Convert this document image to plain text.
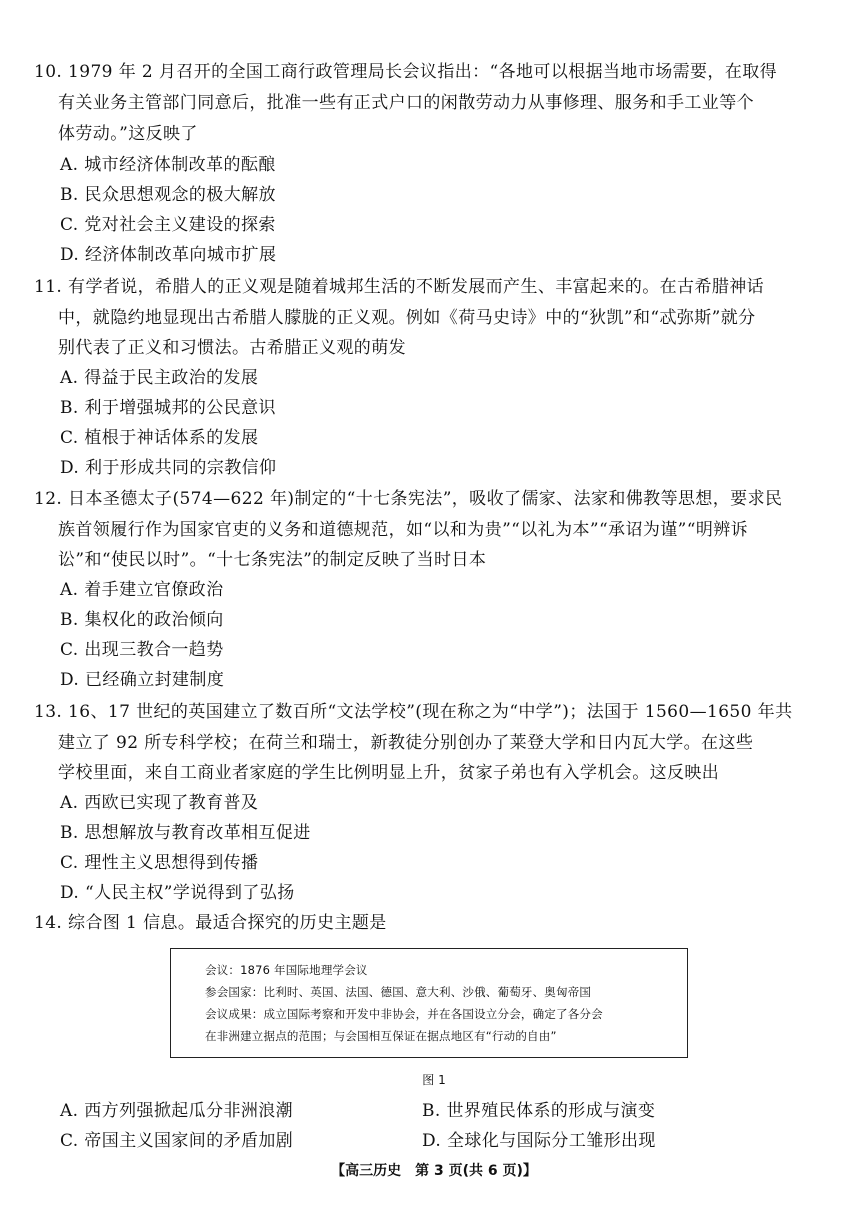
10. 1979 年 2 月召开的全国工商行政管理局长会议指出：“各地可以根据当地市场需要，在取得
有关业务主管部门同意后，批准一些有正式户口的闲散劳动力从事修理、服务和手工业等个
体劳动。”这反映了
A. 城市经济体制改革的酝酿
B. 民众思想观念的极大解放
C. 党对社会主义建设的探索
D. 经济体制改革向城市扩展
11. 有学者说，希腊人的正义观是随着城邦生活的不断发展而产生、丰富起来的。在古希腊神话
中，就隐约地显现出古希腊人朦胧的正义观。例如《荷马史诗》中的“狄凯”和“忒弥斯”就分
别代表了正义和习惯法。古希腊正义观的萌发
A. 得益于民主政治的发展
B. 利于增强城邦的公民意识
C. 植根于神话体系的发展
D. 利于形成共同的宗教信仰
12. 日本圣德太子(574—622 年)制定的“十七条宪法”，吸收了儒家、法家和佛教等思想，要求民
族首领履行作为国家官吏的义务和道德规范，如“以和为贵”“以礼为本”“承诏为谨”“明辨诉
讼”和“使民以时”。“十七条宪法”的制定反映了当时日本
A. 着手建立官僚政治
B. 集权化的政治倾向
C. 出现三教合一趋势
D. 已经确立封建制度
13. 16、17 世纪的英国建立了数百所“文法学校”(现在称之为“中学”)；法国于 1560—1650 年共
建立了 92 所专科学校；在荷兰和瑞士，新教徒分别创办了莱登大学和日内瓦大学。在这些
学校里面，来自工商业者家庭的学生比例明显上升，贫家子弟也有入学机会。这反映出
A. 西欧已实现了教育普及
B. 思想解放与教育改革相互促进
C. 理性主义思想得到传播
D. “人民主权”学说得到了弘扬
14. 综合图 1 信息。最适合探究的历史主题是
会议：1876 年国际地理学会议
参会国家：比利时、英国、法国、德国、意大利、沙俄、葡萄牙、奥匈帝国
会议成果：成立国际考察和开发中非协会，并在各国设立分会，确定了各分会
在非洲建立据点的范围；与会国相互保证在据点地区有“行动的自由”
图 1
A. 西方列强掀起瓜分非洲浪潮	B. 世界殖民体系的形成与演变
C. 帝国主义国家间的矛盾加剧	D. 全球化与国际分工雏形出现
【高三历史　第 3 页(共 6 页)】
